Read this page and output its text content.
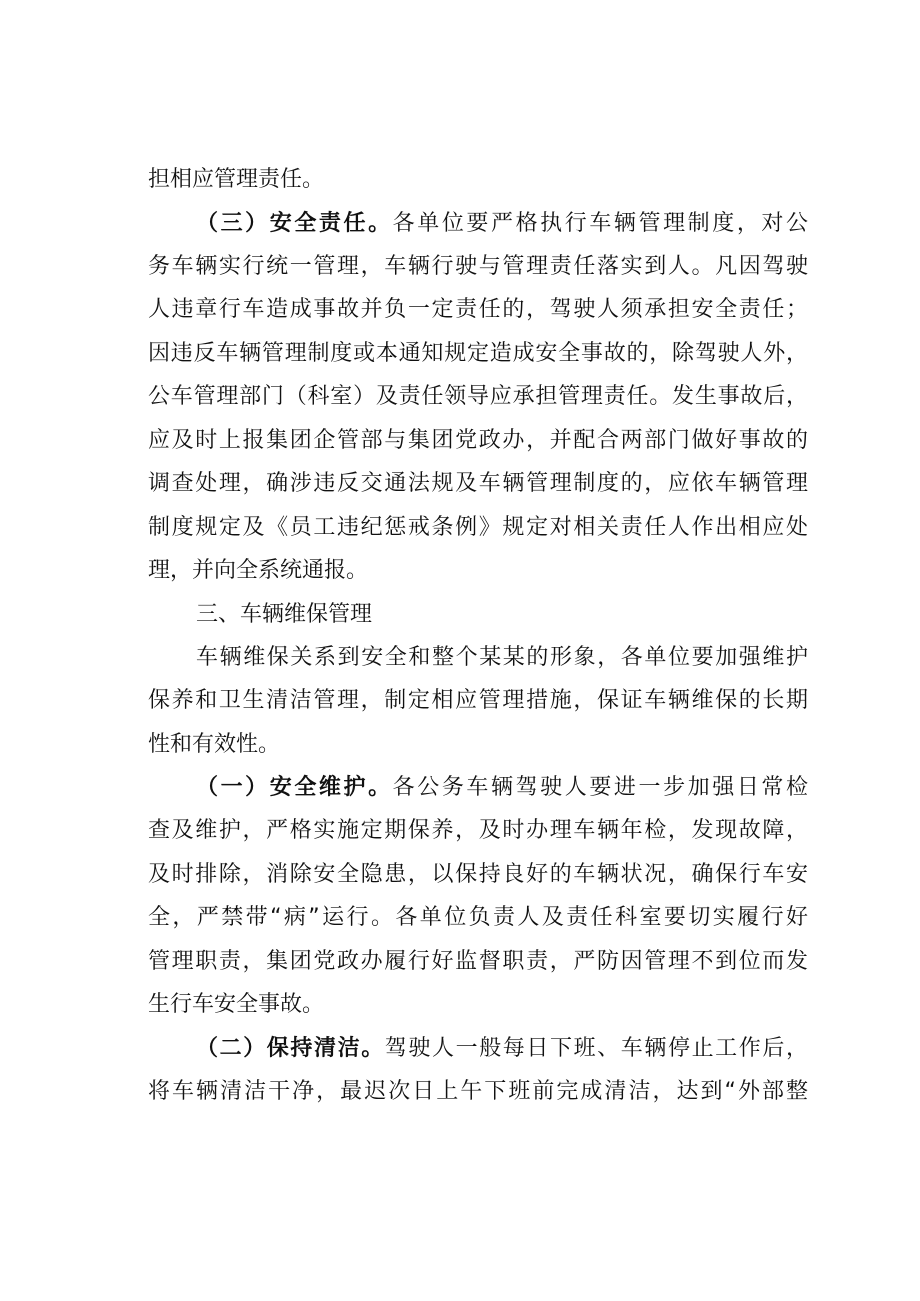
担相应管理责任。

（三）安全责任。各单位要严格执行车辆管理制度，对公

务车辆实行统一管理，车辆行驶与管理责任落实到人。凡因驾驶

人违章行车造成事故并负一定责任的，驾驶人须承担安全责任；

因违反车辆管理制度或本通知规定造成安全事故的，除驾驶人外，

公车管理部门（科室）及责任领导应承担管理责任。发生事故后，

应及时上报集团企管部与集团党政办，并配合两部门做好事故的

调查处理，确涉违反交通法规及车辆管理制度的，应依车辆管理

制度规定及《员工违纪惩戒条例》规定对相关责任人作出相应处

理，并向全系统通报。

三、车辆维保管理

车辆维保关系到安全和整个某某的形象，各单位要加强维护

保养和卫生清洁管理，制定相应管理措施，保证车辆维保的长期

性和有效性。

（一）安全维护。各公务车辆驾驶人要进一步加强日常检

查及维护，严格实施定期保养，及时办理车辆年检，发现故障，

及时排除，消除安全隐患，以保持良好的车辆状况，确保行车安

全，严禁带“病”运行。各单位负责人及责任科室要切实履行好

管理职责，集团党政办履行好监督职责，严防因管理不到位而发

生行车安全事故。

（二）保持清洁。驾驶人一般每日下班、车辆停止工作后，

将车辆清洁干净，最迟次日上午下班前完成清洁，达到“外部整
